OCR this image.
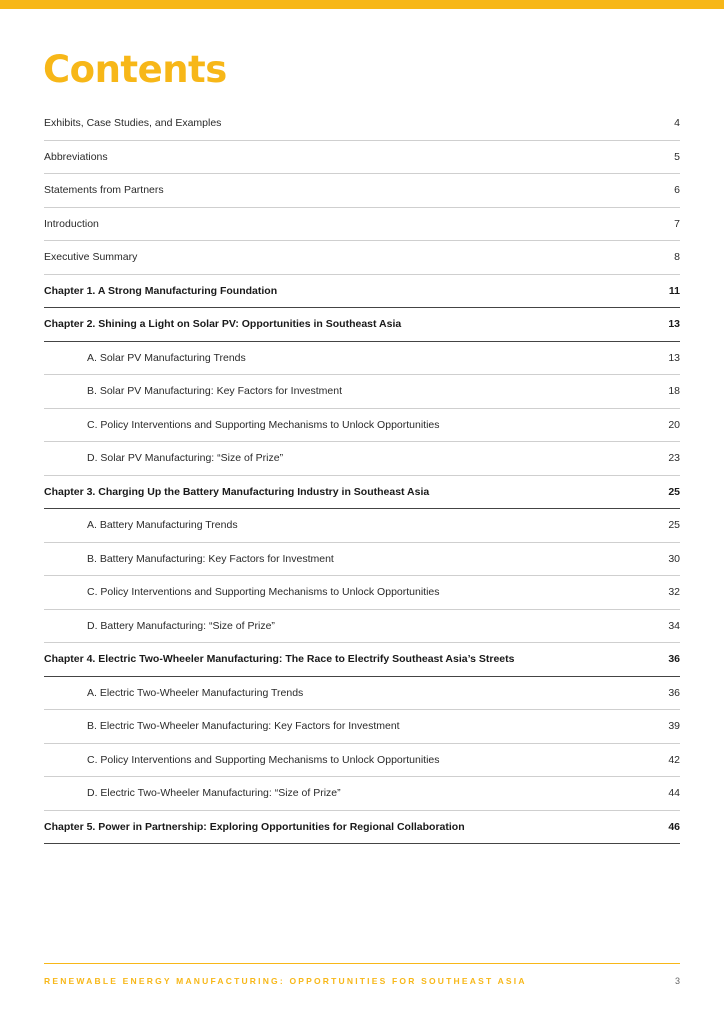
Contents
Exhibits, Case Studies, and Examples	4
Abbreviations	5
Statements from Partners	6
Introduction	7
Executive Summary	8
Chapter 1. A Strong Manufacturing Foundation	11
Chapter 2. Shining a Light on Solar PV: Opportunities in Southeast Asia	13
A. Solar PV Manufacturing Trends	13
B. Solar PV Manufacturing: Key Factors for Investment	18
C. Policy Interventions and Supporting Mechanisms to Unlock Opportunities	20
D. Solar PV Manufacturing: “Size of Prize”	23
Chapter 3. Charging Up the Battery Manufacturing Industry in Southeast Asia	25
A. Battery Manufacturing Trends	25
B. Battery Manufacturing: Key Factors for Investment	30
C. Policy Interventions and Supporting Mechanisms to Unlock Opportunities	32
D. Battery Manufacturing: “Size of Prize”	34
Chapter 4. Electric Two-Wheeler Manufacturing: The Race to Electrify Southeast Asia’s Streets	36
A. Electric Two-Wheeler Manufacturing Trends	36
B. Electric Two-Wheeler Manufacturing: Key Factors for Investment	39
C. Policy Interventions and Supporting Mechanisms to Unlock Opportunities	42
D. Electric Two-Wheeler Manufacturing: “Size of Prize”	44
Chapter 5. Power in Partnership: Exploring Opportunities for Regional Collaboration	46
RENEWABLE ENERGY MANUFACTURING: OPPORTUNITIES FOR SOUTHEAST ASIA	3
